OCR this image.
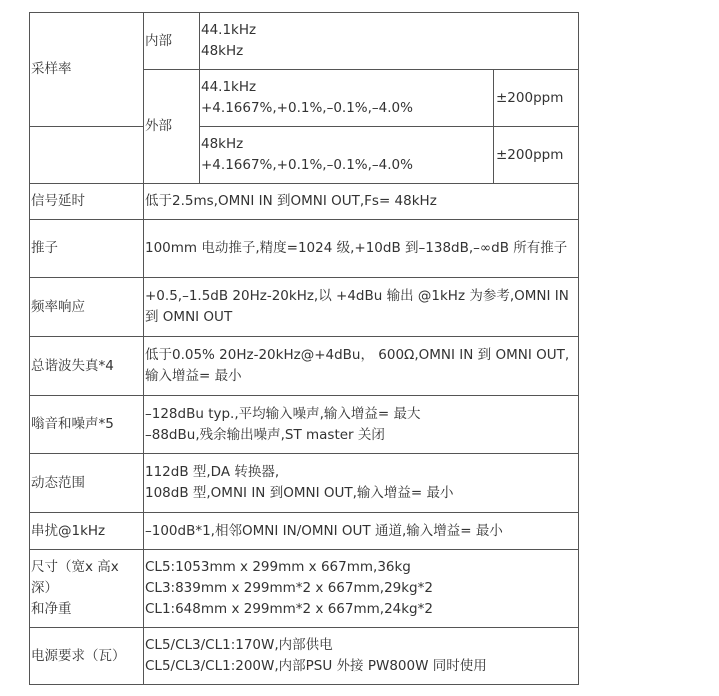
采样率	内部	44.1kHz
48kHz	

	外部	44.1kHz
+4.1667%,+0.1%,–0.1%,–4.0%	±200ppm

		48kHz
+4.1667%,+0.1%,–0.1%,–4.0%	±200ppm
信号延时	低于2.5ms,OMNI IN 到OMNI OUT,Fs= 48kHz		
推子	100mm 电动推子,精度=1024 级,+10dB 到–138dB,–∞dB 所有推子		
频率响应	+0.5,–1.5dB 20Hz-20kHz,以 +4dBu 输出 @1kHz 为参考,OMNI IN 到 OMNI OUT		
总谐波失真*4	低于0.05% 20Hz-20kHz@+4dBu， 600Ω,OMNI IN 到 OMNI OUT,输入增益= 最小		
嗡音和噪声*5	–128dBu typ.,平均输入噪声,输入增益= 最大
–88dBu,残余输出噪声,ST master 关闭		

动态范围	112dB 型,DA 转换器,
108dB 型,OMNI IN 到OMNI OUT,输入增益= 最小		

串扰@1kHz	–100dB*1,相邻OMNI IN/OMNI OUT 通道,输入增益= 最小		

尺寸（宽x 高x
深）
和净重	CL5:1053mm x 299mm x 667mm,36kg
CL3:839mm x 299mm*2 x 667mm,29kg*2
CL1:648mm x 299mm*2 x 667mm,24kg*2		

电源要求（瓦）	CL5/CL3/CL1:170W,内部供电
CL5/CL3/CL1:200W,内部PSU 外接 PW800W 同时使用		
